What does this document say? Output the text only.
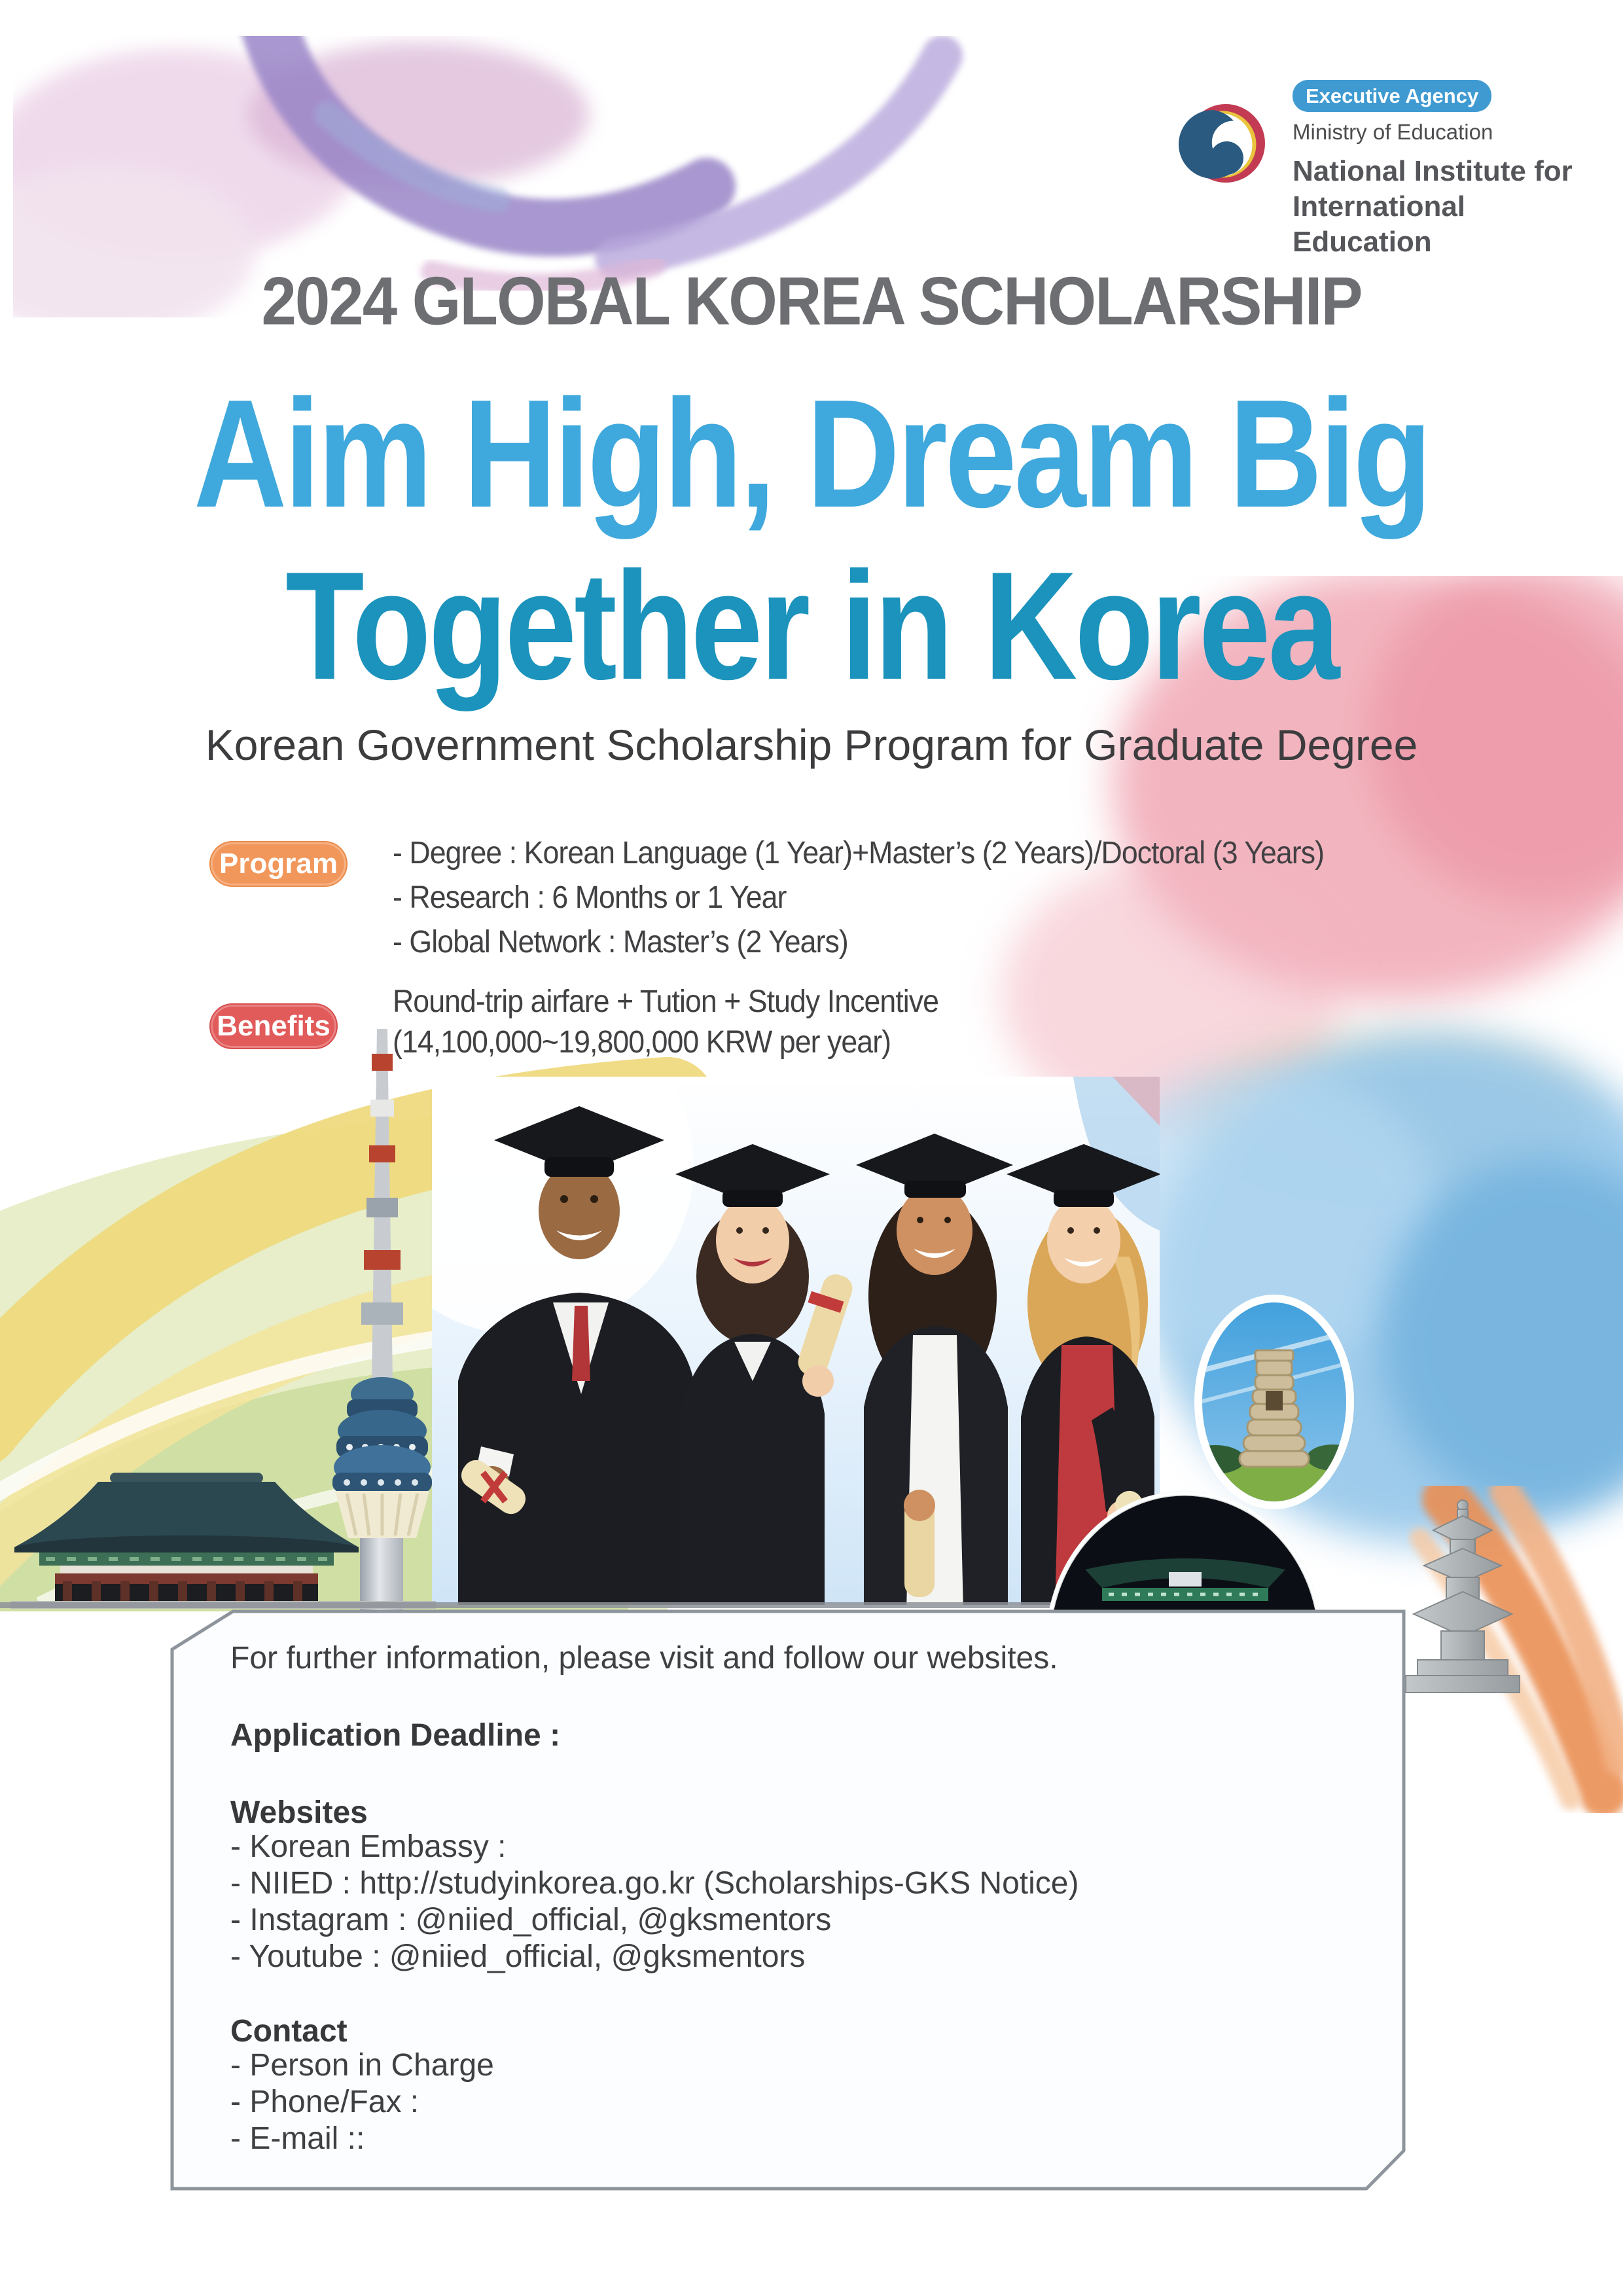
Executive Agency
Ministry of Education
National Institute for
International Education
2024 GLOBAL KOREA SCHOLARSHIP
Aim High, Dream Big
Together in Korea
Korean Government Scholarship Program for Graduate Degree
Program	- Degree : Korean Language (1 Year)+Master’s (2 Years)/Doctoral (3 Years)
- Research : 6 Months or 1 Year
- Global Network : Master’s (2 Years)
Benefits
Round-trip airfare + Tution + Study Incentive
(14,100,000~19,800,000 KRW per year)
For further information, please visit and follow our websites.
Application Deadline :
Websites
- Korean Embassy :
- NIIED : http://studyinkorea.go.kr (Scholarships-GKS Notice)
- Instagram : @niied_official, @gksmentors
- Youtube : @niied_official, @gksmentors
Contact
- Person in Charge
- Phone/Fax :
- E-mail ::
